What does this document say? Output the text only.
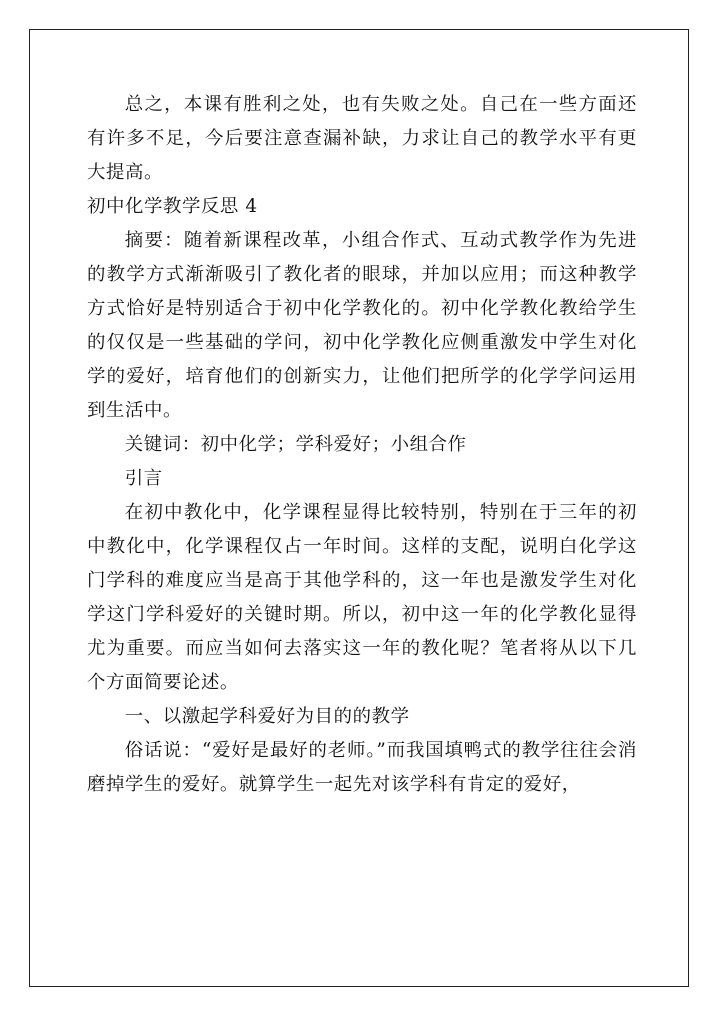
总之，本课有胜利之处，也有失败之处。自己在一些方面还有许多不足，今后要注意查漏补缺，力求让自己的教学水平有更大提高。

初中化学教学反思 4

摘要：随着新课程改革，小组合作式、互动式教学作为先进的教学方式渐渐吸引了教化者的眼球，并加以应用；而这种教学方式恰好是特别适合于初中化学教化的。初中化学教化教给学生的仅仅是一些基础的学问，初中化学教化应侧重激发中学生对化学的爱好，培育他们的创新实力，让他们把所学的化学学问运用到生活中。

关键词：初中化学；学科爱好；小组合作

引言

在初中教化中，化学课程显得比较特别，特别在于三年的初中教化中，化学课程仅占一年时间。这样的支配，说明白化学这门学科的难度应当是高于其他学科的，这一年也是激发学生对化学这门学科爱好的关键时期。所以，初中这一年的化学教化显得尤为重要。而应当如何去落实这一年的教化呢？笔者将从以下几个方面简要论述。

一、以激起学科爱好为目的的教学

俗话说：“爱好是最好的老师。”而我国填鸭式的教学往往会消磨掉学生的爱好。就算学生一起先对该学科有肯定的爱好，
